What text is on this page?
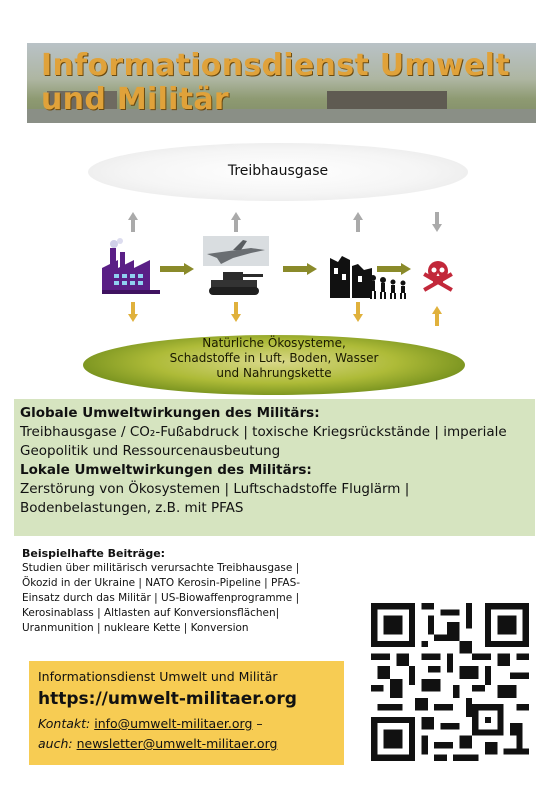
Informationsdienst Umwelt und Militär
Treibhausgase
Natürliche Ökosysteme,
Schadstoffe in Luft, Boden, Wasser
und Nahrungskette

Globale Umweltwirkungen des Militärs:

Treibhausgase / CO₂-Fußabdruck | toxische Kriegsrückstände | imperiale Geopolitik und Ressourcenausbeutung

Lokale Umweltwirkungen des Militärs:

Zerstörung von Ökosystemen | Luftschadstoffe Fluglärm | Bodenbelastungen, z.B. mit PFAS

Beispielhafte Beiträge:
Studien über militärisch verursachte Treibhausgase |
Ökozid in der Ukraine | NATO Kerosin-Pipeline | PFAS-
Einsatz durch das Militär | US-Biowaffenprogramme |
Kerosinablass | Altlasten auf Konversionsflächen|
Uranmunition | nukleare Kette | Konversion
Informationsdienst Umwelt und Militär
https://umwelt-militaer.org
Kontakt: info@umwelt-militaer.org –
auch: newsletter@umwelt-militaer.org
